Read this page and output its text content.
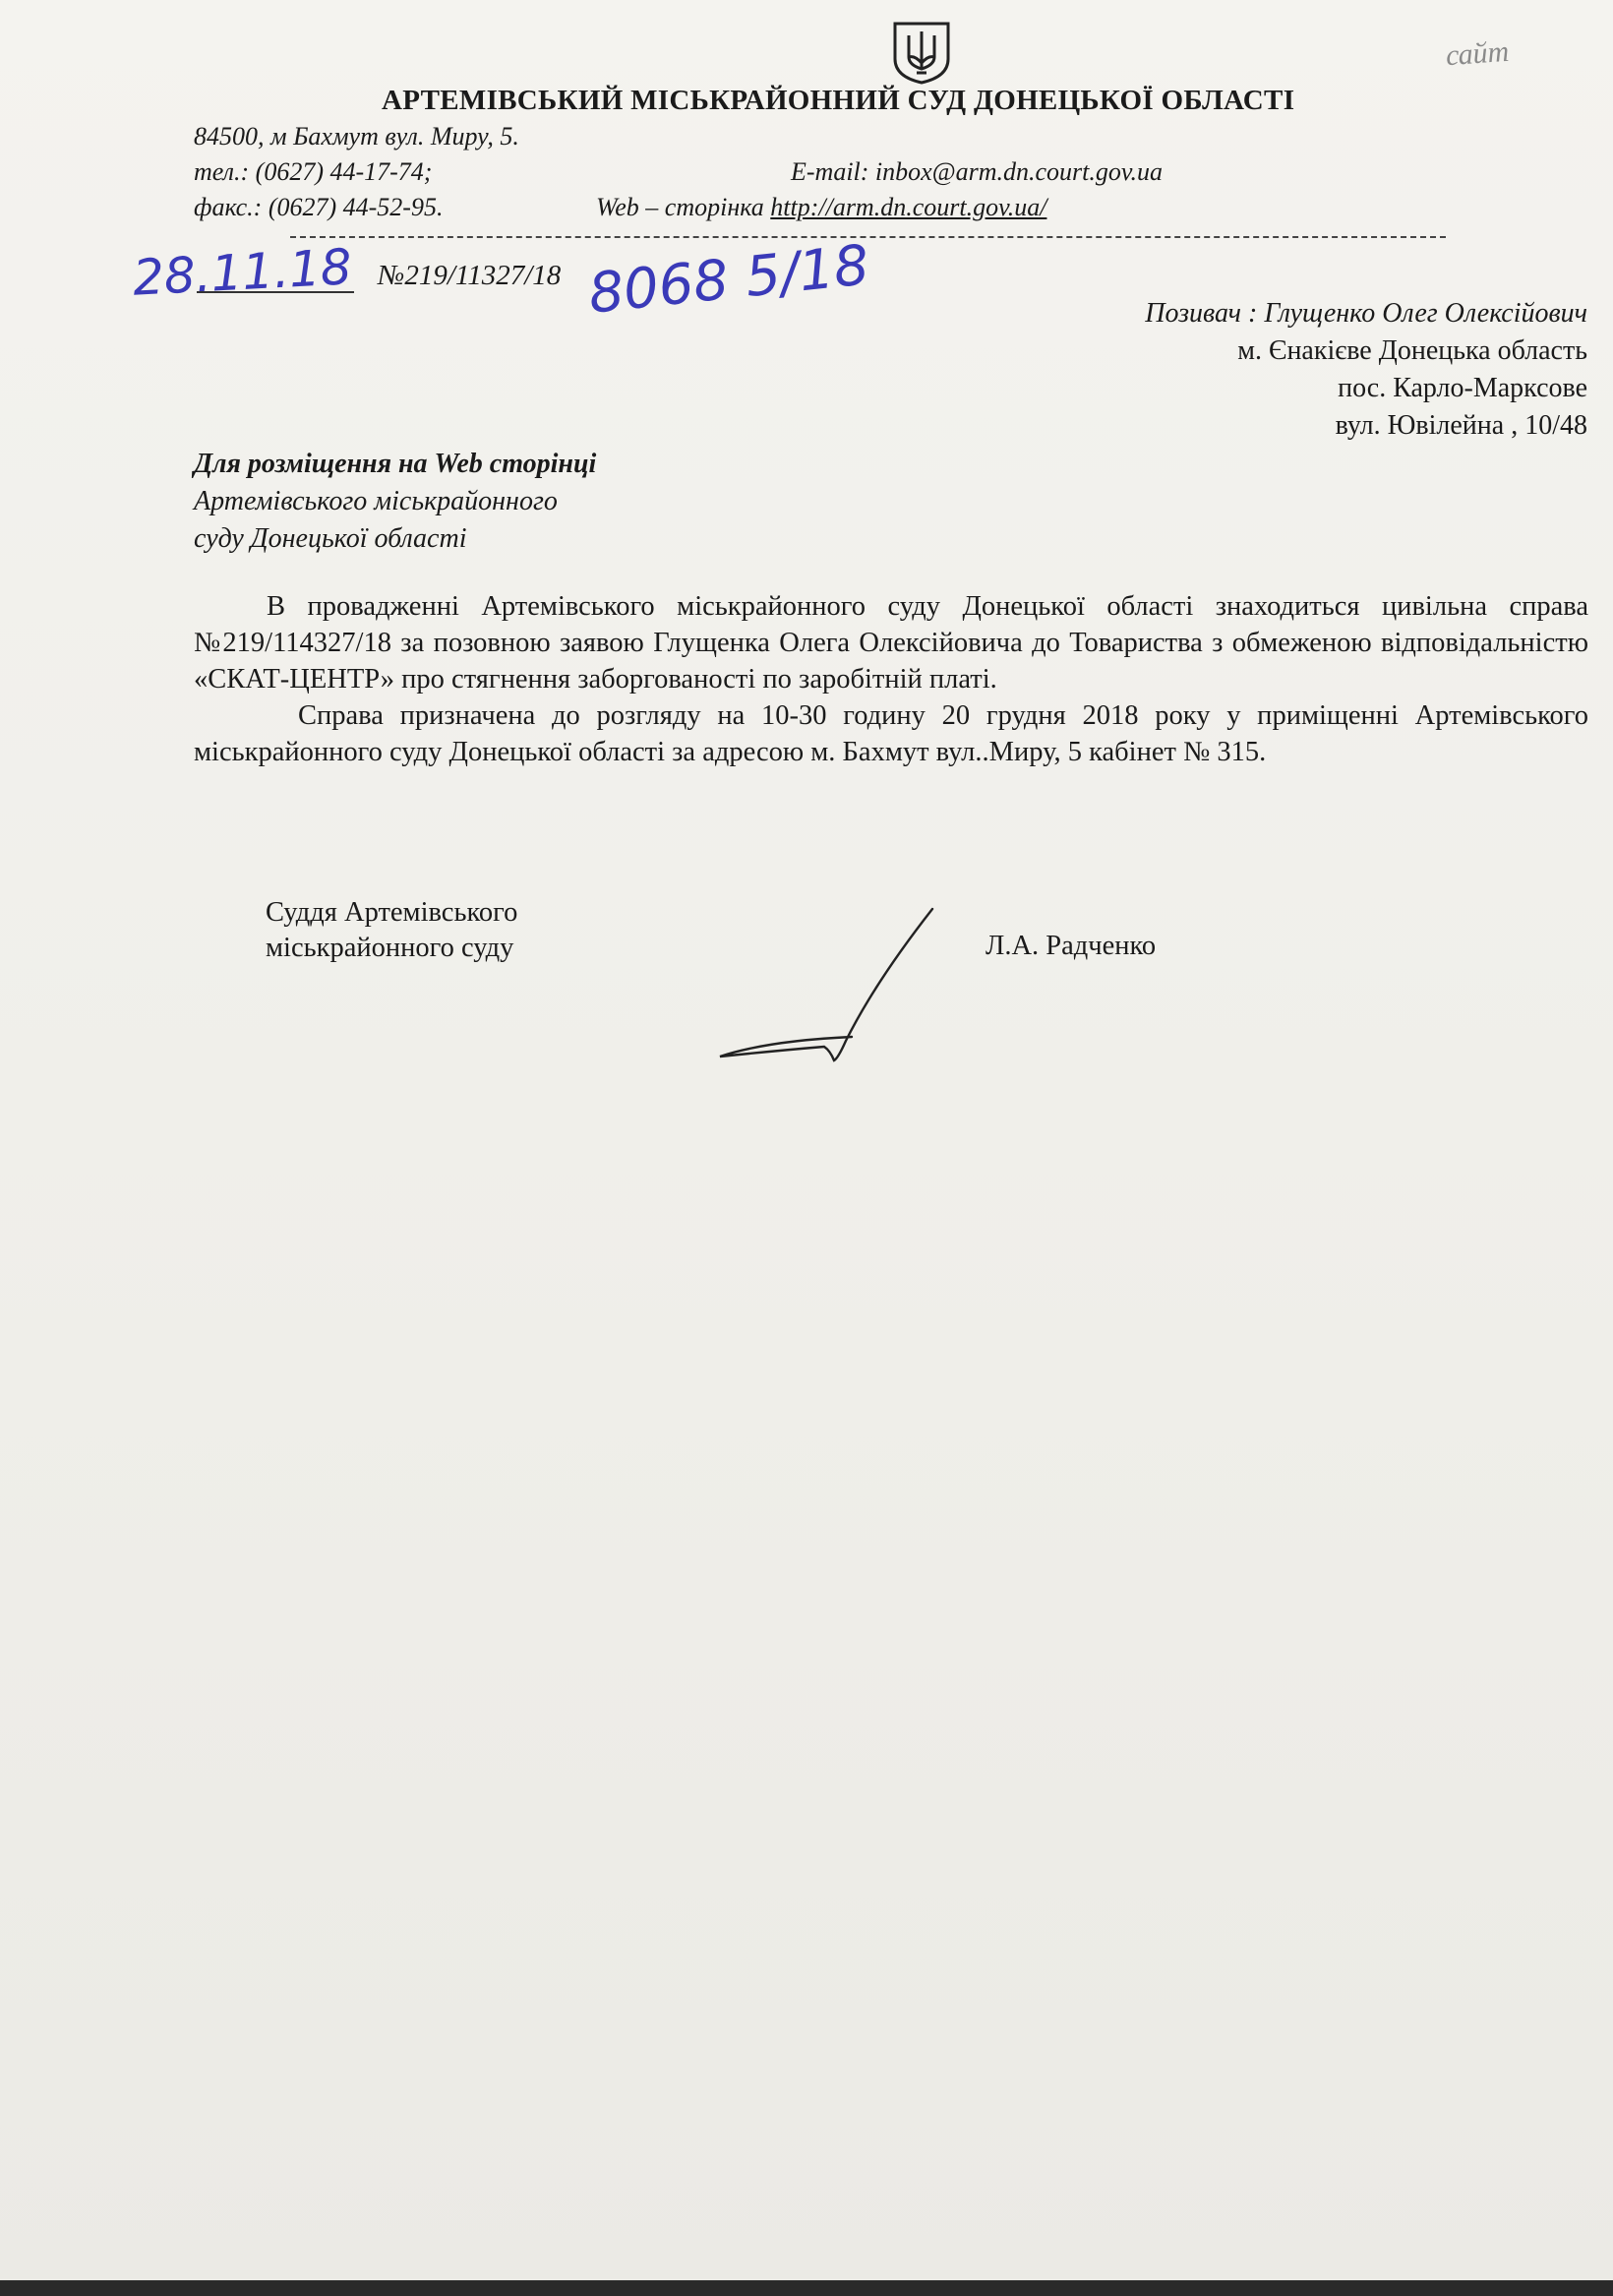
сайт
АРТЕМІВСЬКИЙ МІСЬКРАЙОННИЙ СУД ДОНЕЦЬКОЇ ОБЛАСТІ
84500, м Бахмут вул. Миру, 5.
тел.: (0627) 44-17-74;	E-mail: inbox@arm.dn.court.gov.ua
факс.: (0627) 44-52-95.	Web – сторінка http://arm.dn.court.gov.ua/
28.11.18 №219/11327/18 8068 5/18	Позивач : Глущенко Олег Олексійович
м. Єнакієве Донецька область
пос. Карло-Марксове
вул. Ювілейна , 10/48
Для розміщення на Web сторінці
Артемівського міськрайонного
суду Донецької області

В провадженні Артемівського міськрайонного суду Донецької області знаходиться цивільна справа №219/114327/18 за позовною заявою Глущенка Олега Олексійовича до Товариства з обмеженою відповідальністю «СКАТ-ЦЕНТР» про стягнення заборгованості по заробітній платі.

Справа призначена до розгляду на 10-30 годину 20 грудня 2018 року у приміщенні Артемівського міськрайонного суду Донецької області за адресою м. Бахмут вул..Миру, 5 кабінет № 315.

Суддя Артемівського
міськрайонного суду	Л.А. Радченко
